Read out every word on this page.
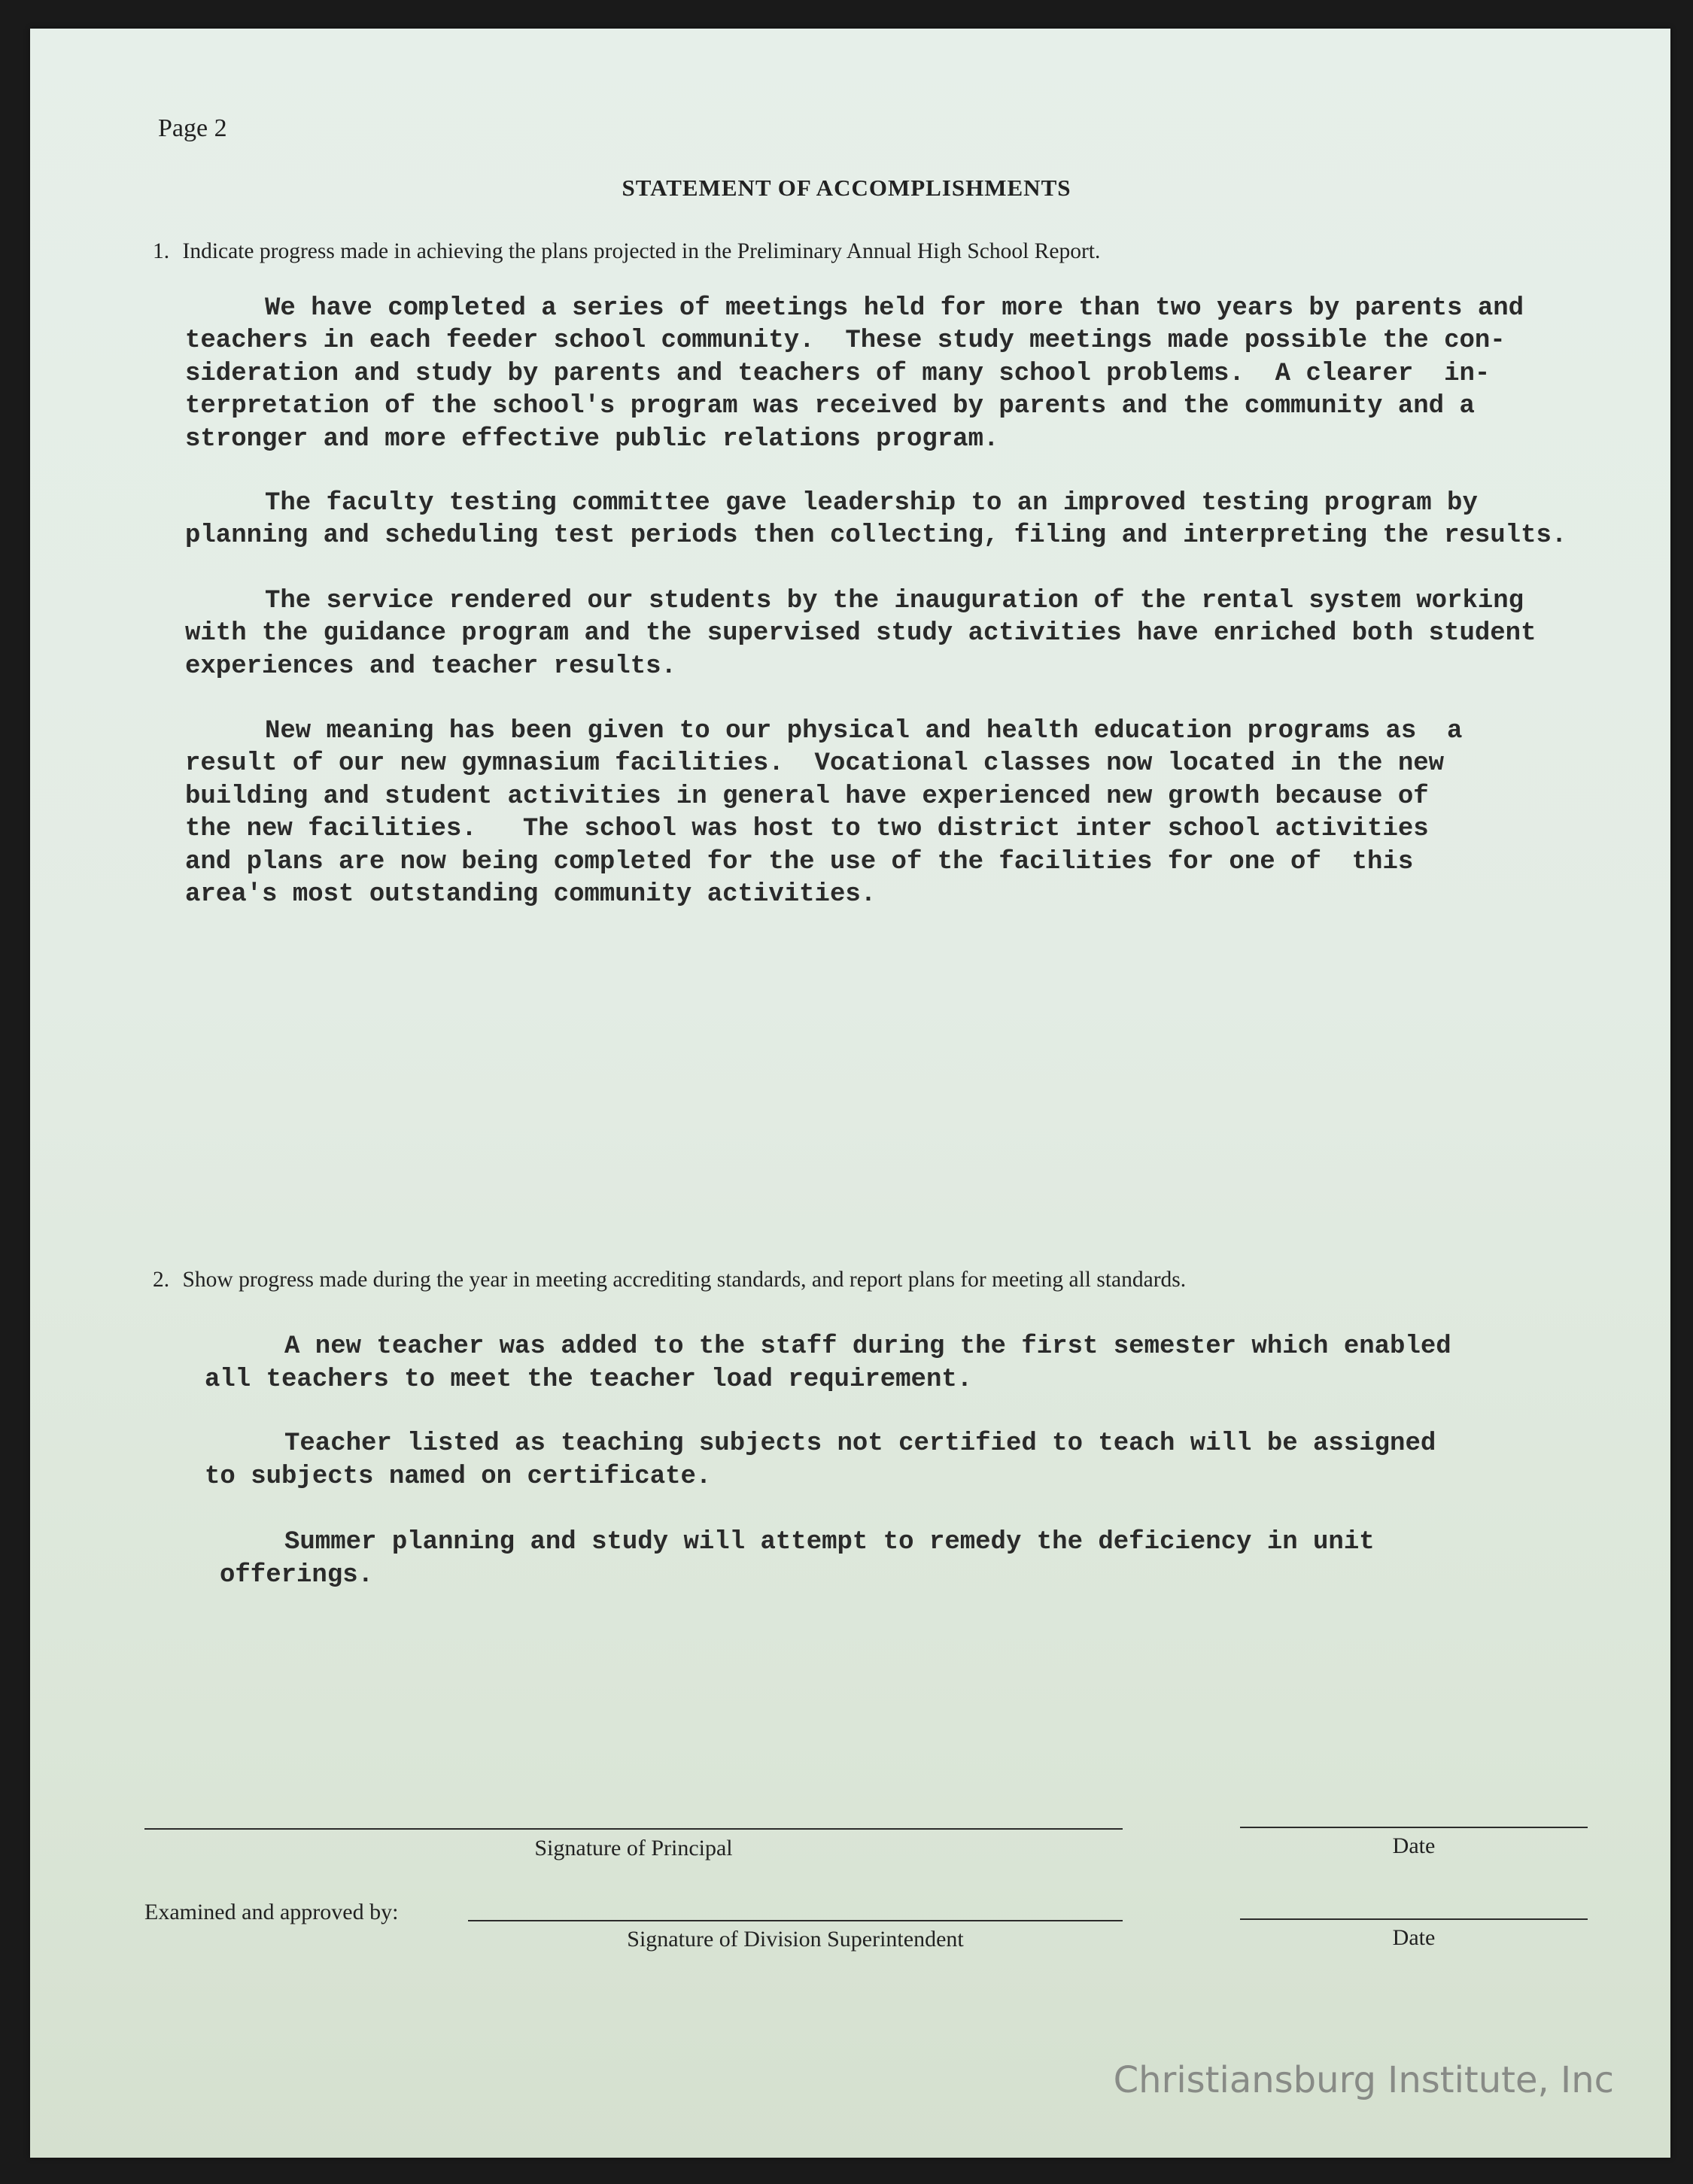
Page 2
STATEMENT OF ACCOMPLISHMENTS
1. Indicate progress made in achieving the plans projected in the Preliminary Annual High School Report.
We have completed a series of meetings held for more than two years by parents and
teachers in each feeder school community.  These study meetings made possible the con-
sideration and study by parents and teachers of many school problems.  A clearer  in-
terpretation of the school's program was received by parents and the community and a
stronger and more effective public relations program.
The faculty testing committee gave leadership to an improved testing program by
planning and scheduling test periods then collecting, filing and interpreting the results.
The service rendered our students by the inauguration of the rental system working
with the guidance program and the supervised study activities have enriched both student
experiences and teacher results.
New meaning has been given to our physical and health education programs as  a
result of our new gymnasium facilities.  Vocational classes now located in the new
building and student activities in general have experienced new growth because of
the new facilities.   The school was host to two district inter school activities
and plans are now being completed for the use of the facilities for one of  this
area's most outstanding community activities.
2. Show progress made during the year in meeting accrediting standards, and report plans for meeting all standards.
A new teacher was added to the staff during the first semester which enabled
all teachers to meet the teacher load requirement.
Teacher listed as teaching subjects not certified to teach will be assigned
to subjects named on certificate.
Summer planning and study will attempt to remedy the deficiency in unit
offerings.
Signature of Principal	Date
Examined and approved by:
Signature of Division Superintendent	Date
Christiansburg Institute, Inc
